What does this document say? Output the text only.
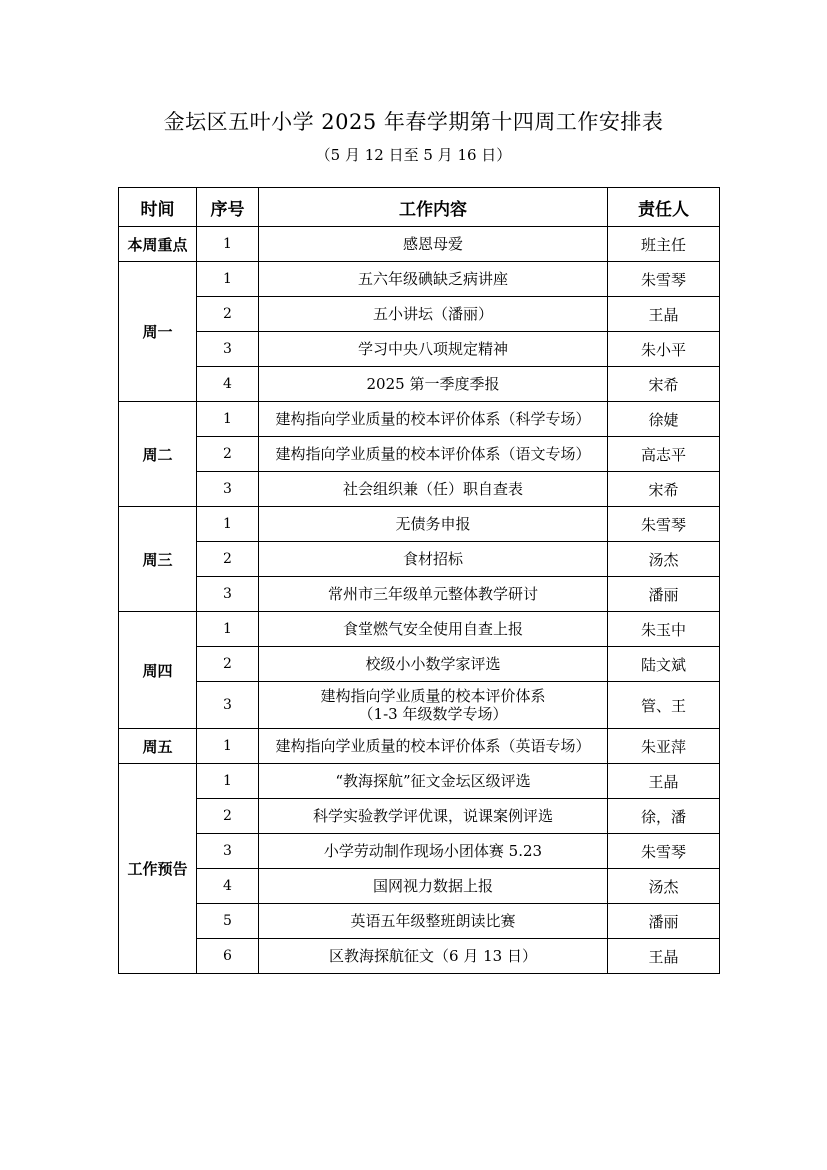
金坛区五叶小学 2025 年春学期第十四周工作安排表
（5 月 12 日至 5 月 16 日）
时间	序号	工作内容	责任人
本周重点	1	感恩母爱	班主任
周一	1	五六年级碘缺乏病讲座	朱雪琴
	2	五小讲坛（潘丽）	王晶
	3	学习中央八项规定精神	朱小平
	4	2025 第一季度季报	宋希
周二	1	建构指向学业质量的校本评价体系（科学专场）	徐婕
	2	建构指向学业质量的校本评价体系（语文专场）	高志平
	3	社会组织兼（任）职自查表	宋希
周三	1	无债务申报	朱雪琴
	2	食材招标	汤杰
	3	常州市三年级单元整体教学研讨	潘丽
周四	1	食堂燃气安全使用自查上报	朱玉中
	2	校级小小数学家评选	陆文斌
	3	建构指向学业质量的校本评价体系
（1-3 年级数学专场）	管、王
周五	1	建构指向学业质量的校本评价体系（英语专场）	朱亚萍
工作预告	1	“教海探航”征文金坛区级评选	王晶
	2	科学实验教学评优课，说课案例评选	徐，潘
	3	小学劳动制作现场小团体赛 5.23	朱雪琴
	4	国网视力数据上报	汤杰
	5	英语五年级整班朗读比赛	潘丽
	6	区教海探航征文（6 月 13 日）	王晶
